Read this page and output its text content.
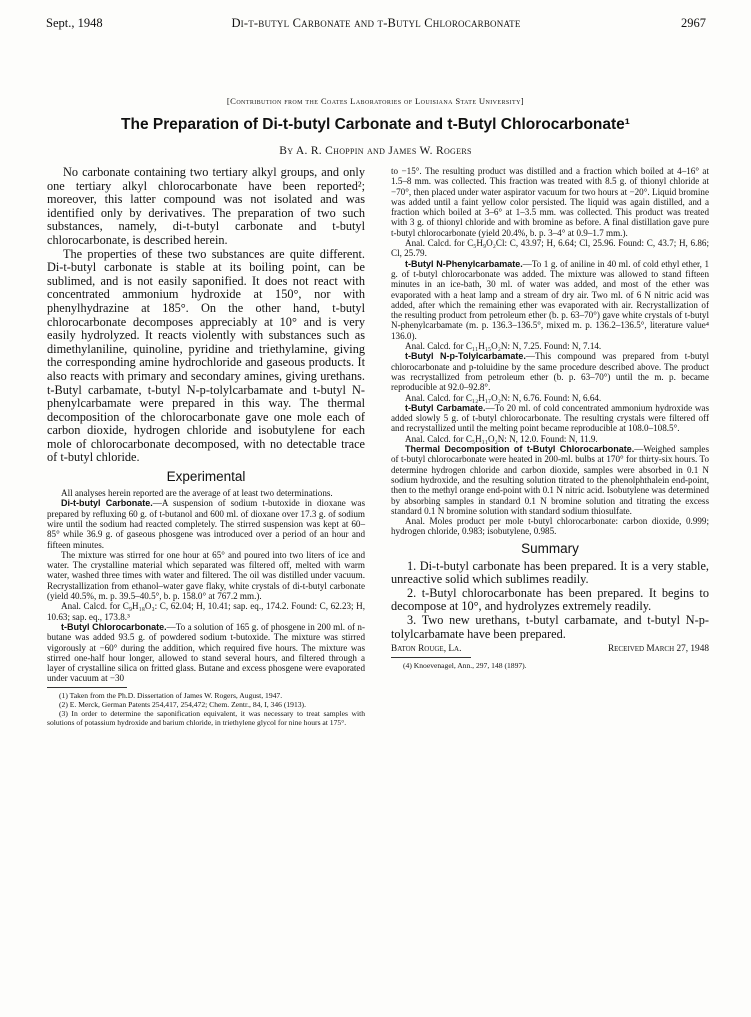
Sept., 1948	Di-t-butyl Carbonate and t-Butyl Chlorocarbonate	2967
[Contribution from the Coates Laboratories of Louisiana State University]
The Preparation of Di-t-butyl Carbonate and t-Butyl Chlorocarbonate¹
By A. R. Choppin and James W. Rogers

No carbonate containing two tertiary alkyl groups, and only one tertiary alkyl chlorocarbonate have been reported²; moreover, this latter compound was not isolated and was identified only by derivatives. The preparation of two such substances, namely, di-t-butyl carbonate and t-butyl chlorocarbonate, is described herein.

The properties of these two substances are quite different. Di-t-butyl carbonate is stable at its boiling point, can be sublimed, and is not easily saponified. It does not react with concentrated ammonium hydroxide at 150°, nor with phenylhydrazine at 185°. On the other hand, t-butyl chlorocarbonate decomposes appreciably at 10° and is very easily hydrolyzed. It reacts violently with substances such as dimethylaniline, quinoline, pyridine and triethylamine, giving the corresponding amine hydrochloride and gaseous products. It also reacts with primary and secondary amines, giving urethans. t-Butyl carbamate, t-butyl N-p-tolylcarbamate and t-butyl N-phenylcarbamate were prepared in this way. The thermal decomposition of the chlorocarbonate gave one mole each of carbon dioxide, hydrogen chloride and isobutylene for each mole of chlorocarbonate decomposed, with no detectable trace of t-butyl chloride.

Experimental

All analyses herein reported are the average of at least two determinations.

Di-t-butyl Carbonate.—A suspension of sodium t-butoxide in dioxane was prepared by refluxing 60 g. of t-butanol and 600 ml. of dioxane over 17.3 g. of sodium wire until the sodium had reacted completely. The stirred suspension was kept at 60–85° while 36.9 g. of gaseous phosgene was introduced over a period of an hour and fifteen minutes.

The mixture was stirred for one hour at 65° and poured into two liters of ice and water. The crystalline material which separated was filtered off, melted with warm water, washed three times with water and filtered. The oil was distilled under vacuum. Recrystallization from ethanol–water gave flaky, white crystals of di-t-butyl carbonate (yield 40.5%, m. p. 39.5–40.5°, b. p. 158.0° at 767.2 mm.).

Anal. Calcd. for C₉H₁₈O₃: C, 62.04; H, 10.41; sap. eq., 174.2. Found: C, 62.23; H, 10.63; sap. eq., 173.8.³

t-Butyl Chlorocarbonate.—To a solution of 165 g. of phosgene in 200 ml. of n-butane was added 93.5 g. of powdered sodium t-butoxide. The mixture was stirred vigorously at −60° during the addition, which required five hours. The mixture was stirred one-half hour longer, allowed to stand several hours, and filtered through a layer of crystalline silica on fritted glass. Butane and excess phosgene were evaporated under vacuum at −30

(1) Taken from the Ph.D. Dissertation of James W. Rogers, August, 1947.

(2) E. Merck, German Patents 254,417, 254,472; Chem. Zentr., 84, I, 346 (1913).

(3) In order to determine the saponification equivalent, it was necessary to treat samples with solutions of potassium hydroxide and barium chloride, in triethylene glycol for nine hours at 175°.

to −15°. The resulting product was distilled and a fraction which boiled at 4–16° at 1.5–8 mm. was collected. This fraction was treated with 8.5 g. of thionyl chloride at −70°, then placed under water aspirator vacuum for two hours at −20°. Liquid bromine was added until a faint yellow color persisted. The liquid was again distilled, and a fraction which boiled at 3–6° at 1–3.5 mm. was collected. This product was treated with 3 g. of thionyl chloride and with bromine as before. A final distillation gave pure t-butyl chlorocarbonate (yield 20.4%, b. p. 3–4° at 0.9–1.7 mm.).

Anal. Calcd. for C₅H₉O₂Cl: C, 43.97; H, 6.64; Cl, 25.96. Found: C, 43.7; H, 6.86; Cl, 25.79.

t-Butyl N-Phenylcarbamate.—To 1 g. of aniline in 40 ml. of cold ethyl ether, 1 g. of t-butyl chlorocarbonate was added. The mixture was allowed to stand fifteen minutes in an ice-bath, 30 ml. of water was added, and most of the ether was evaporated with a heat lamp and a stream of dry air. Two ml. of 6 N nitric acid was added, after which the remaining ether was evaporated with air. Recrystallization of the resulting product from petroleum ether (b. p. 63–70°) gave white crystals of t-butyl N-phenylcarbamate (m. p. 136.3–136.5°, mixed m. p. 136.2–136.5°, literature value⁴ 136.0).

Anal. Calcd. for C₁₁H₁₅O₂N: N, 7.25. Found: N, 7.14.

t-Butyl N-p-Tolylcarbamate.—This compound was prepared from t-butyl chlorocarbonate and p-toluidine by the same procedure described above. The product was recrystallized from petroleum ether (b. p. 63–70°) until the m. p. became reproducible at 92.0–92.8°.

Anal. Calcd. for C₁₂H₁₇O₂N: N, 6.76. Found: N, 6.64.

t-Butyl Carbamate.—To 20 ml. of cold concentrated ammonium hydroxide was added slowly 5 g. of t-butyl chlorocarbonate. The resulting crystals were filtered off and recrystallized until the melting point became reproducible at 108.0–108.5°.

Anal. Calcd. for C₅H₁₁O₂N: N, 12.0. Found: N, 11.9.

Thermal Decomposition of t-Butyl Chlorocarbonate.—Weighed samples of t-butyl chlorocarbonate were heated in 200-ml. bulbs at 170° for thirty-six hours. To determine hydrogen chloride and carbon dioxide, samples were absorbed in 0.1 N sodium hydroxide, and the resulting solution titrated to the phenolphthalein end-point, then to the methyl orange end-point with 0.1 N nitric acid. Isobutylene was determined by absorbing samples in standard 0.1 N bromine solution and titrating the excess standard 0.1 N bromine solution with standard sodium thiosulfate.

Anal. Moles product per mole t-butyl chlorocarbonate: carbon dioxide, 0.999; hydrogen chloride, 0.983; isobutylene, 0.985.

Summary

1. Di-t-butyl carbonate has been prepared. It is a very stable, unreactive solid which sublimes readily.

2. t-Butyl chlorocarbonate has been prepared. It begins to decompose at 10°, and hydrolyzes extremely readily.

3. Two new urethans, t-butyl carbamate, and t-butyl N-p-tolylcarbamate have been prepared.

Baton Rouge, La.	Received March 27, 1948

(4) Knoevenagel, Ann., 297, 148 (1897).
